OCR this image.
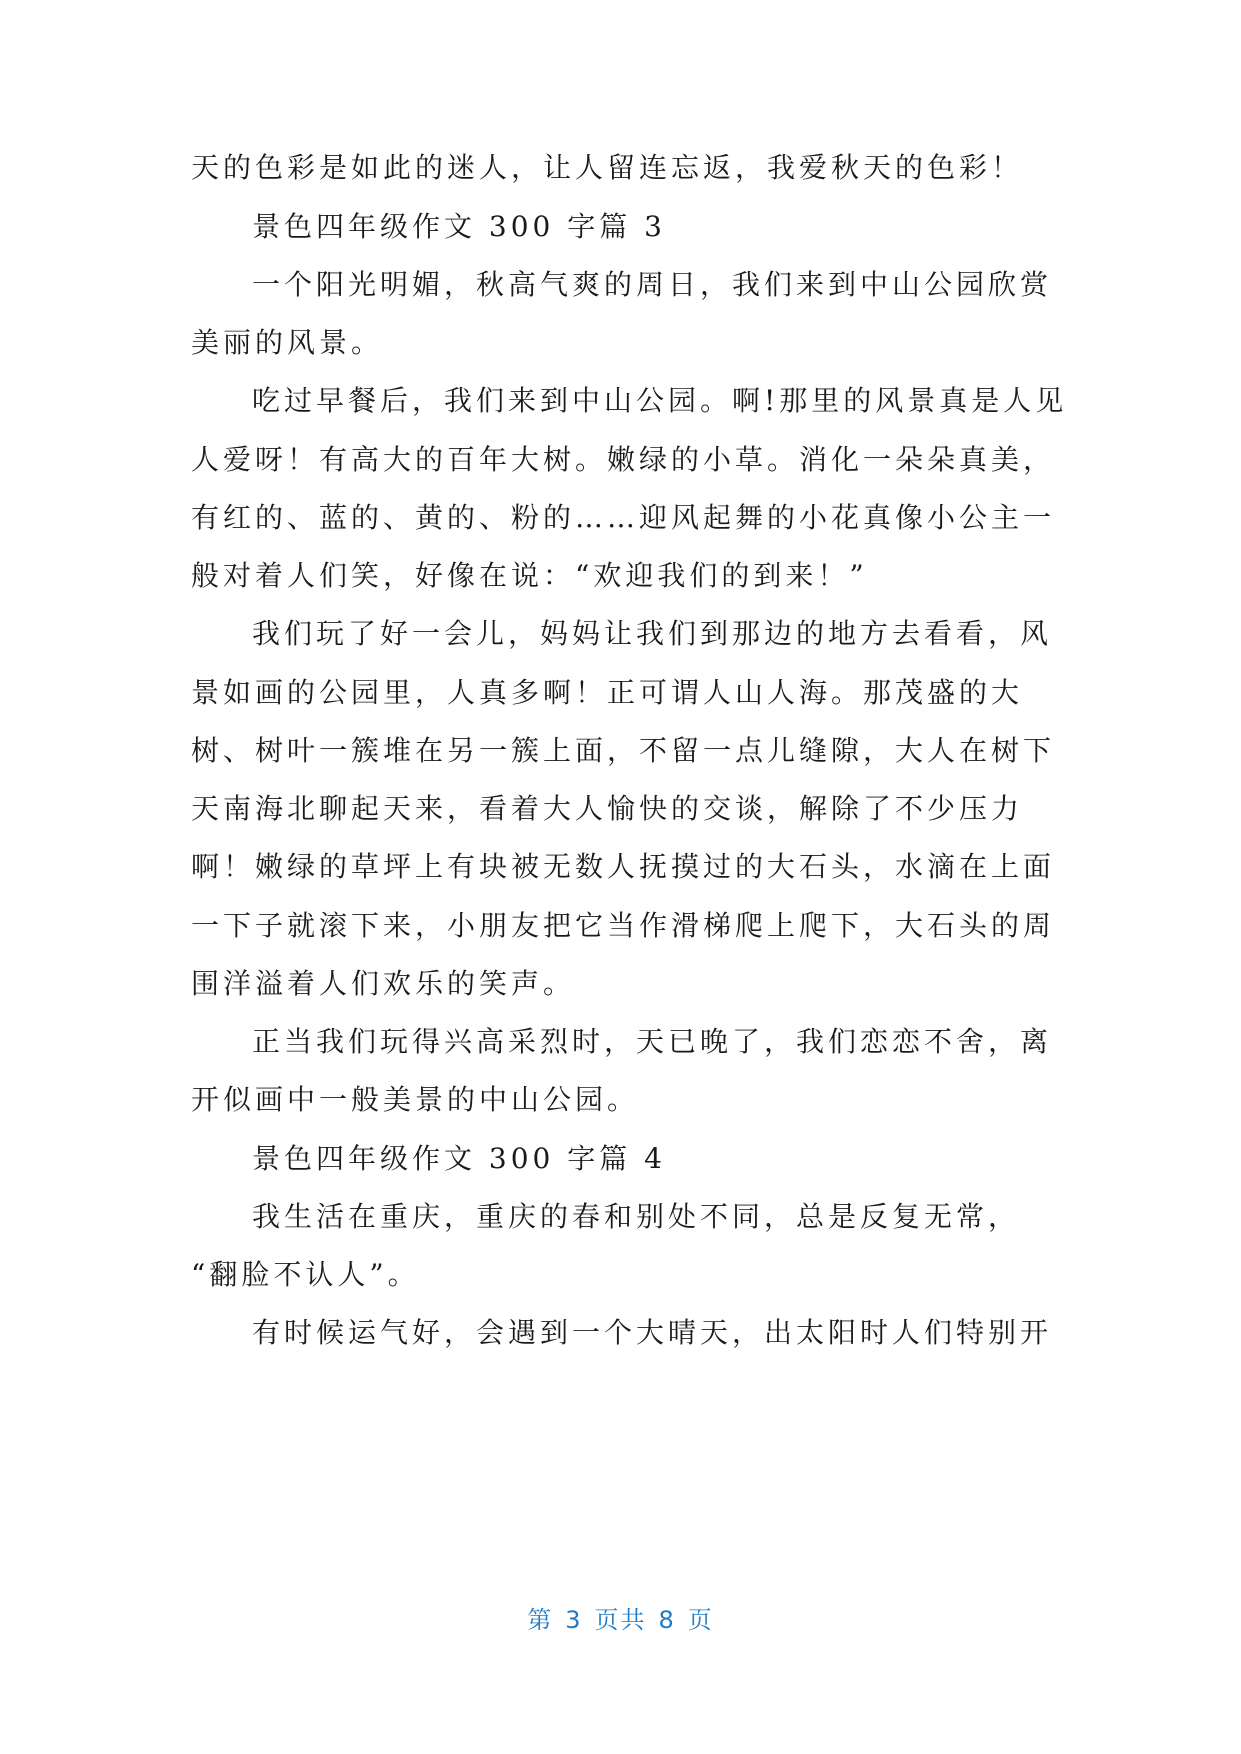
天的色彩是如此的迷人，让人留连忘返，我爱秋天的色彩！
景色四年级作文 300 字篇 3
一个阳光明媚，秋高气爽的周日，我们来到中山公园欣赏
美丽的风景。
吃过早餐后，我们来到中山公园。啊!那里的风景真是人见
人爱呀！有高大的百年大树。嫩绿的小草。消化一朵朵真美，
有红的、蓝的、黄的、粉的……迎风起舞的小花真像小公主一
般对着人们笑，好像在说：“欢迎我们的到来！”
我们玩了好一会儿，妈妈让我们到那边的地方去看看，风
景如画的公园里，人真多啊！正可谓人山人海。那茂盛的大
树、树叶一簇堆在另一簇上面，不留一点儿缝隙，大人在树下
天南海北聊起天来，看着大人愉快的交谈，解除了不少压力
啊！嫩绿的草坪上有块被无数人抚摸过的大石头，水滴在上面
一下子就滚下来，小朋友把它当作滑梯爬上爬下，大石头的周
围洋溢着人们欢乐的笑声。
正当我们玩得兴高采烈时，天已晚了，我们恋恋不舍，离
开似画中一般美景的中山公园。
景色四年级作文 300 字篇 4
我生活在重庆，重庆的春和别处不同，总是反复无常，
“翻脸不认人”。
有时候运气好，会遇到一个大晴天，出太阳时人们特别开
第 3 页共 8 页
